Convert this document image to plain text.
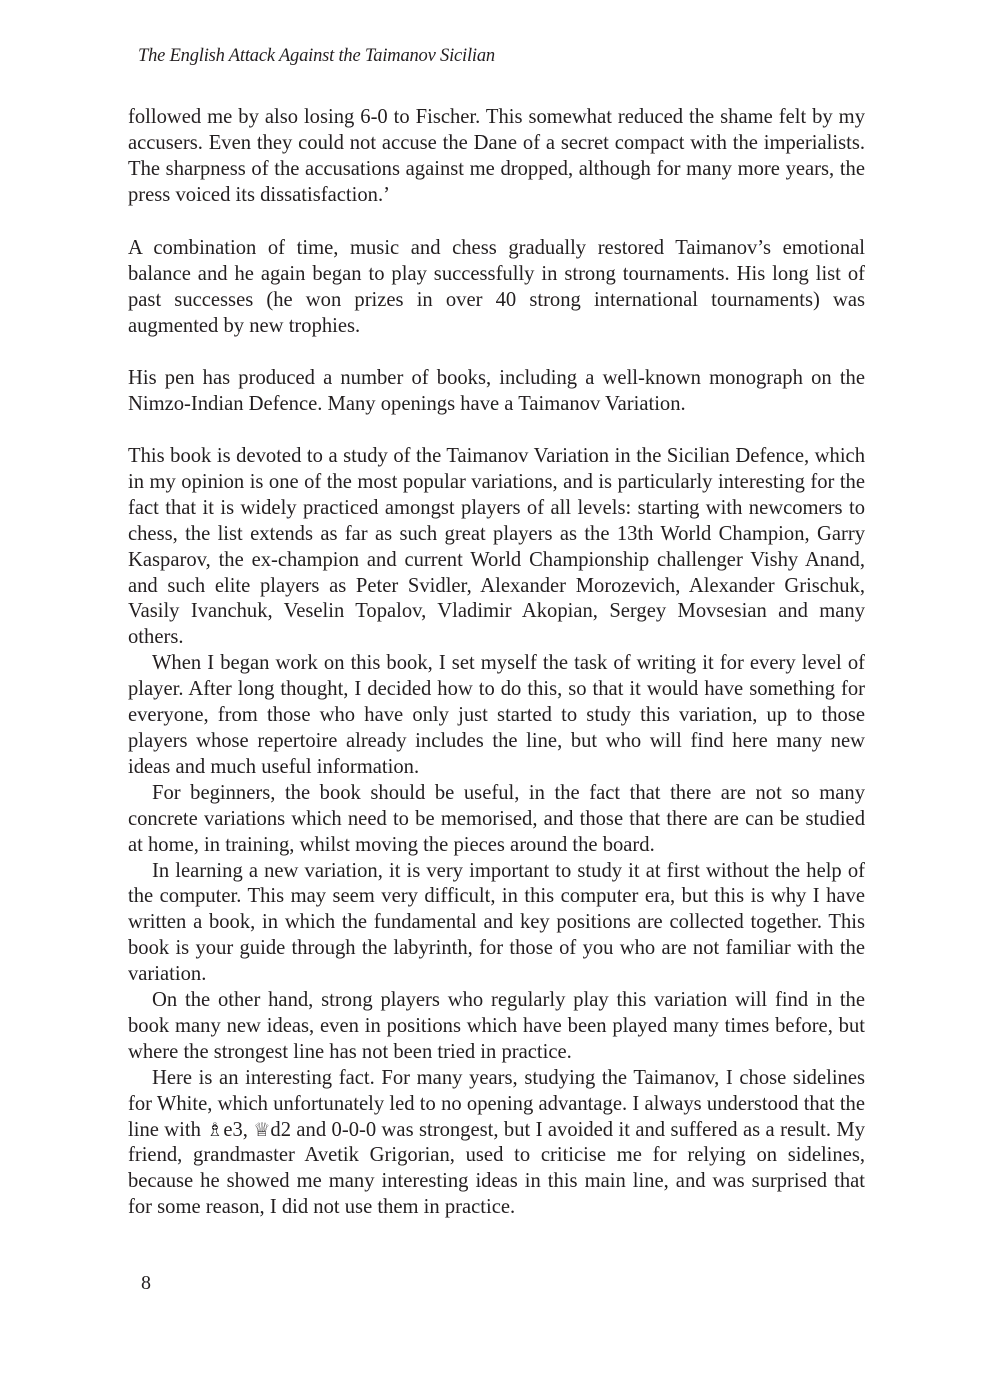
The English Attack Against the Taimanov Sicilian

followed me by also losing 6-0 to Fischer. This somewhat reduced the shame felt by my accusers. Even they could not accuse the Dane of a secret compact with the imperialists. The sharpness of the accusations against me dropped, although for many more years, the press voiced its dissatisfaction.’

A combination of time, music and chess gradually restored Taimanov’s emotional balance and he again began to play successfully in strong tournaments. His long list of past successes (he won prizes in over 40 strong international tournaments) was augmented by new trophies.

His pen has produced a number of books, including a well-known monograph on the Nimzo-Indian Defence. Many openings have a Taimanov Variation.

This book is devoted to a study of the Taimanov Variation in the Sicilian Defence, which in my opinion is one of the most popular variations, and is particularly interesting for the fact that it is widely practiced amongst players of all levels: starting with newcomers to chess, the list extends as far as such great players as the 13th World Champion, Garry Kasparov, the ex-champion and current World Championship challenger Vishy Anand, and such elite players as Peter Svidler, Alexander Morozevich, Alexander Grischuk, Vasily Ivanchuk, Veselin Topalov, Vladimir Akopian, Sergey Movsesian and many others.

When I began work on this book, I set myself the task of writing it for every level of player. After long thought, I decided how to do this, so that it would have something for everyone, from those who have only just started to study this variation, up to those players whose repertoire already includes the line, but who will find here many new ideas and much useful information.

For beginners, the book should be useful, in the fact that there are not so many concrete variations which need to be memorised, and those that there are can be studied at home, in training, whilst moving the pieces around the board.

In learning a new variation, it is very important to study it at first without the help of the computer. This may seem very difficult, in this computer era, but this is why I have written a book, in which the fundamental and key positions are collected together. This book is your guide through the labyrinth, for those of you who are not familiar with the variation.

On the other hand, strong players who regularly play this variation will find in the book many new ideas, even in positions which have been played many times before, but where the strongest line has not been tried in practice.

Here is an interesting fact. For many years, studying the Taimanov, I chose sidelines for White, which unfortunately led to no opening advantage. I always understood that the line with ♗e3, ♕d2 and 0-0-0 was strongest, but I avoided it and suffered as a result. My friend, grandmaster Avetik Grigorian, used to criticise me for relying on sidelines, because he showed me many interesting ideas in this main line, and was surprised that for some reason, I did not use them in practice.

8
